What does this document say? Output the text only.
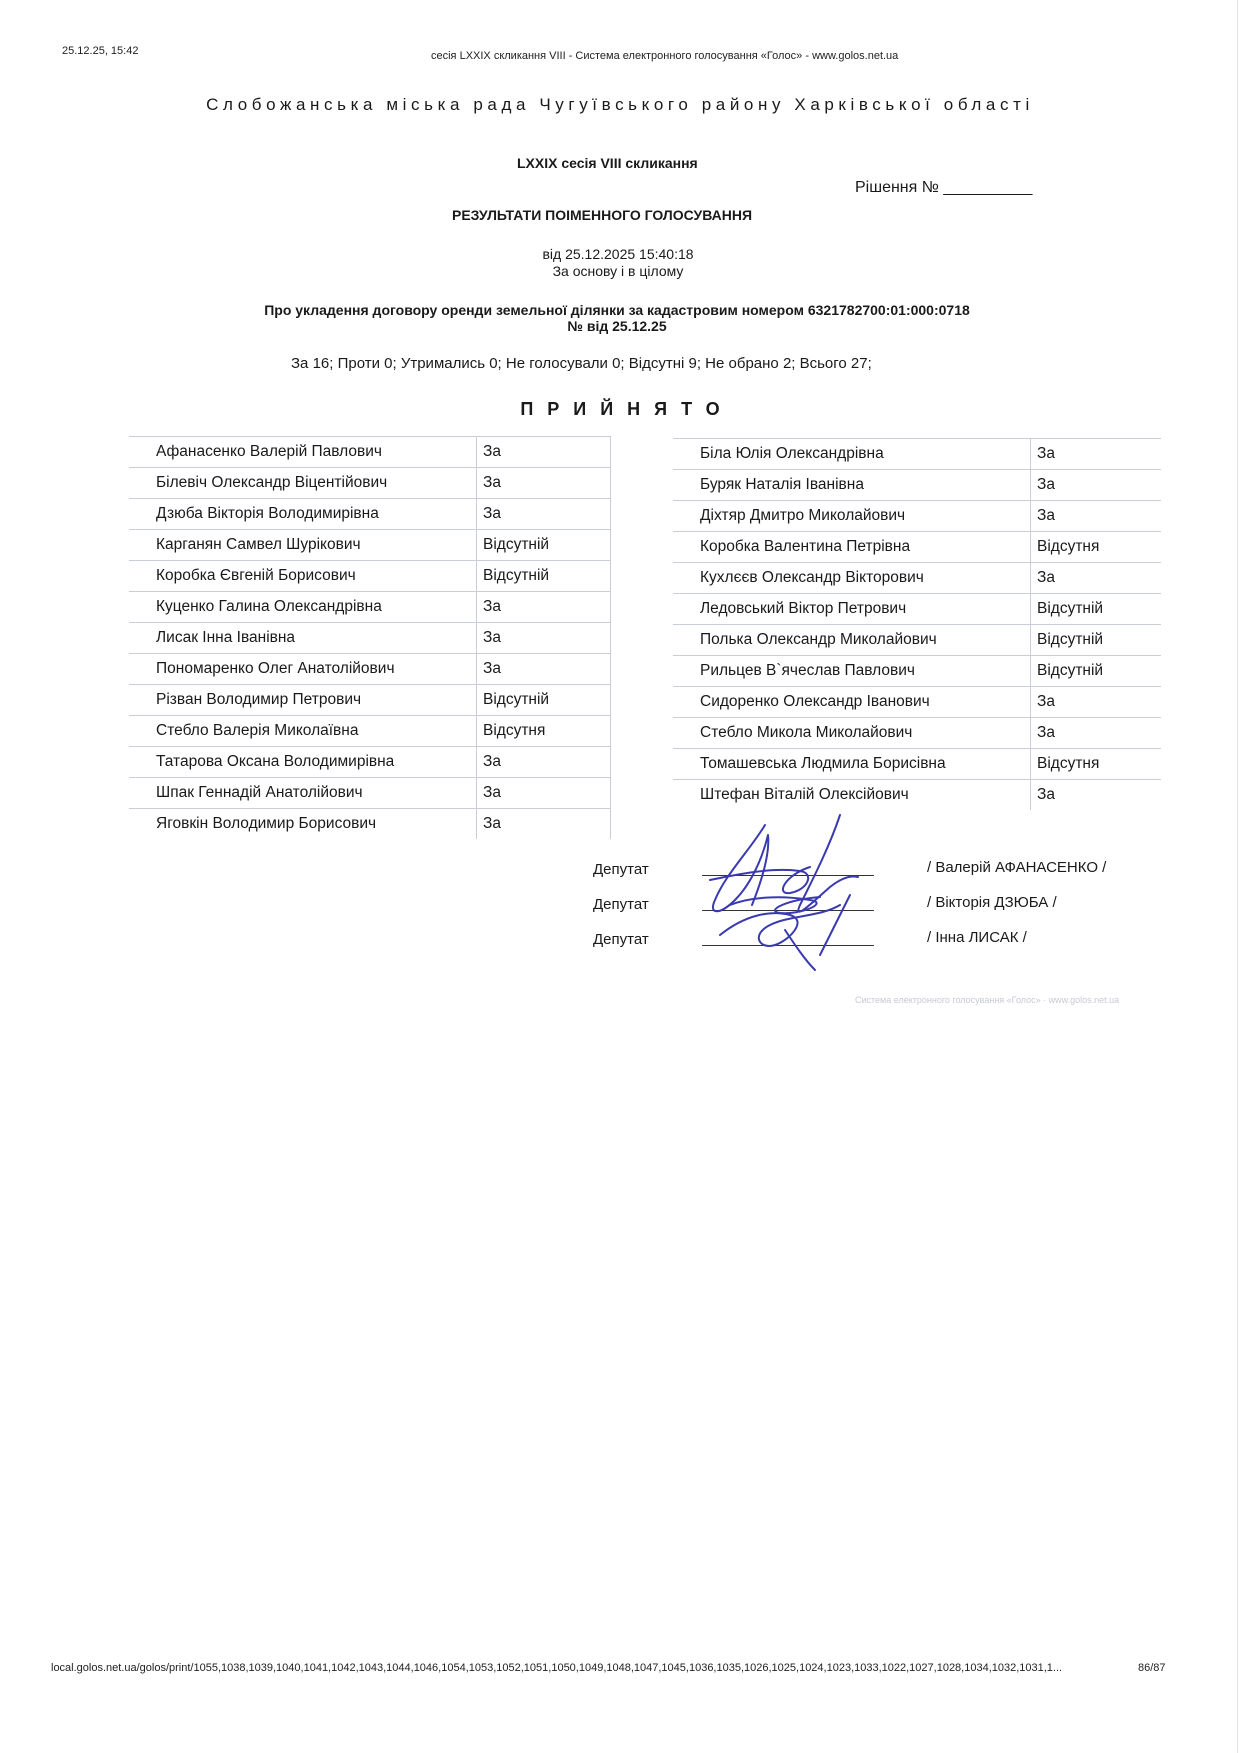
25.12.25, 15:42	сесія LXXIX скликання VIII - Система електронного голосування «Голос» - www.golos.net.ua
Слобожанська міська рада Чугуївського району Харківської області
LXXIX сесія VIII скликання
Рішення № __________
РЕЗУЛЬТАТИ ПОІМЕННОГО ГОЛОСУВАННЯ
від 25.12.2025 15:40:18
За основу і в цілому
Про укладення договору оренди земельної ділянки за кадастровим номером 6321782700:01:000:0718
№ від 25.12.25
За 16; Проти 0; Утримались 0; Не голосували 0; Відсутні 9; Не обрано 2; Всього 27;
ПРИЙНЯТО
Афанасенко Валерій Павлович	За
Білевіч Олександр Віцентійович	За
Дзюба Вікторія Володимирівна	За
Карганян Самвел Шурікович	Відсутній
Коробка Євгеній Борисович	Відсутній
Куценко Галина Олександрівна	За
Лисак Інна Іванівна	За
Пономаренко Олег Анатолійович	За
Різван Володимир Петрович	Відсутній
Стебло Валерія Миколаївна	Відсутня
Татарова Оксана Володимирівна	За
Шпак Геннадій Анатолійович	За
Яговкін Володимир Борисович	За
Біла Юлія Олександрівна	За
Буряк Наталія Іванівна	За
Діхтяр Дмитро Миколайович	За
Коробка Валентина Петрівна	Відсутня
Кухлєєв Олександр Вікторович	За
Ледовський Віктор Петрович	Відсутній
Полька Олександр Миколайович	Відсутній
Рильцев В`ячеслав Павлович	Відсутній
Сидоренко Олександр Іванович	За
Стебло Микола Миколайович	За
Томашевська Людмила Борисівна	Відсутня
Штефан Віталій Олексійович	За
Депутат
Депутат
Депутат
/ Валерій АФАНАСЕНКО /
/ Вікторія ДЗЮБА /
/ Інна ЛИСАК /
Система електронного голосування «Голос» · www.golos.net.ua
local.golos.net.ua/golos/print/1055,1038,1039,1040,1041,1042,1043,1044,1046,1054,1053,1052,1051,1050,1049,1048,1047,1045,1036,1035,1026,1025,1024,1023,1033,1022,1027,1028,1034,1032,1031,1...	86/87
